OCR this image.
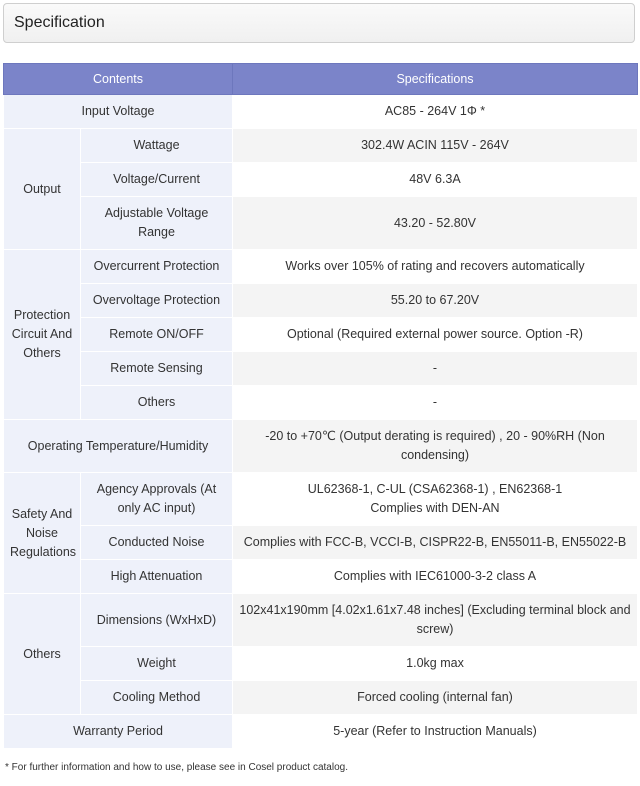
Specification
Contents		Specifications
Input Voltage		AC85 - 264V 1Φ *
Output	Wattage	302.4W ACIN 115V - 264V
	Voltage/Current	48V 6.3A
	Adjustable Voltage Range	43.20 - 52.80V
Protection Circuit And Others	Overcurrent Protection	Works over 105% of rating and recovers automatically
	Overvoltage Protection	55.20 to 67.20V
	Remote ON/OFF	Optional (Required external power source. Option -R)
	Remote Sensing	-
	Others	-
Operating Temperature/Humidity		-20 to +70℃ (Output derating is required) , 20 - 90%RH (Non condensing)
Safety And Noise Regulations	Agency Approvals (At only AC input)	UL62368-1, C-UL (CSA62368-1) , EN62368-1
Complies with DEN-AN

	Conducted Noise	Complies with FCC-B, VCCI-B, CISPR22-B, EN55011-B, EN55022-B
	High Attenuation	Complies with IEC61000-3-2 class A
Others	Dimensions (WxHxD)	102x41x190mm [4.02x1.61x7.48 inches] (Excluding terminal block and screw)
	Weight	1.0kg max
	Cooling Method	Forced cooling (internal fan)
Warranty Period		5-year (Refer to Instruction Manuals)
* For further information and how to use, please see in Cosel product catalog.
